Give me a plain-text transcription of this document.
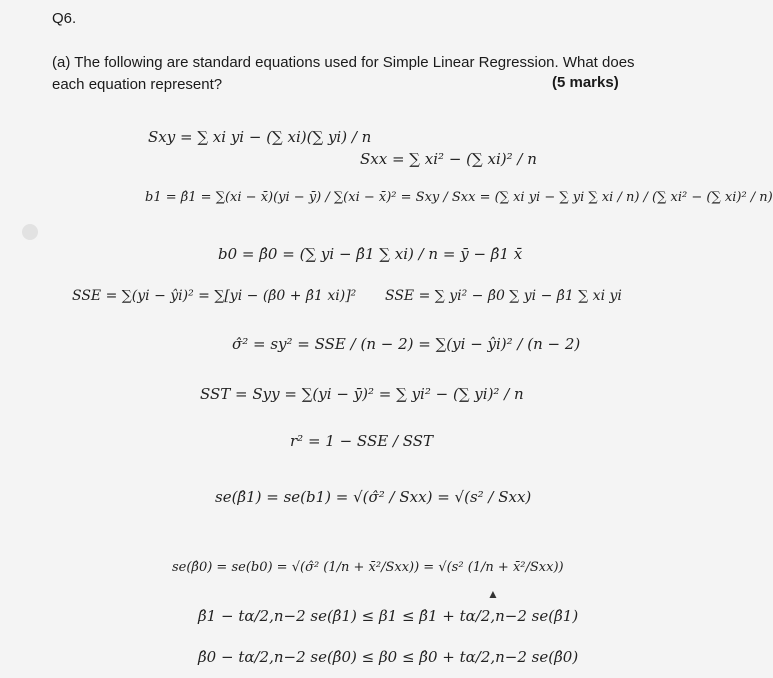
Q6.
(a) The following are standard equations used for Simple Linear Regression. What does
each equation represent?	(5 marks)
Sxy = ∑ xi yi − (∑ xi)(∑ yi) / n
Sxx = ∑ xi² − (∑ xi)² / n
b1 = β̂1 = ∑(xi − x̄)(yi − ȳ) / ∑(xi − x̄)² = Sxy / Sxx = (∑ xi yi − ∑ yi ∑ xi / n) / (∑ xi² − (∑ xi)² / n)
b0 = β̂0 = (∑ yi − β̂1 ∑ xi) / n = ȳ − β̂1 x̄
SSE = ∑(yi − ŷi)² = ∑[yi − (β̂0 + β̂1 xi)]² SSE = ∑ yi² − β̂0 ∑ yi − β̂1 ∑ xi yi
σ̂² = sy² = SSE / (n − 2) = ∑(yi − ŷi)² / (n − 2)
SST = Syy = ∑(yi − ȳ)² = ∑ yi² − (∑ yi)² / n
r² = 1 − SSE / SST
se(β̂1) = se(b1) = √(σ̂² / Sxx) = √(s² / Sxx)
se(β̂0) = se(b0) = √(σ̂² (1/n + x̄²/Sxx)) = √(s² (1/n + x̄²/Sxx))
β̂1 − tα/2,n−2 se(β̂1) ≤ β1 ≤ β̂1 + tα/2,n−2 se(β̂1)
β̂0 − tα/2,n−2 se(β̂0) ≤ β0 ≤ β̂0 + tα/2,n−2 se(β̂0)
▲
